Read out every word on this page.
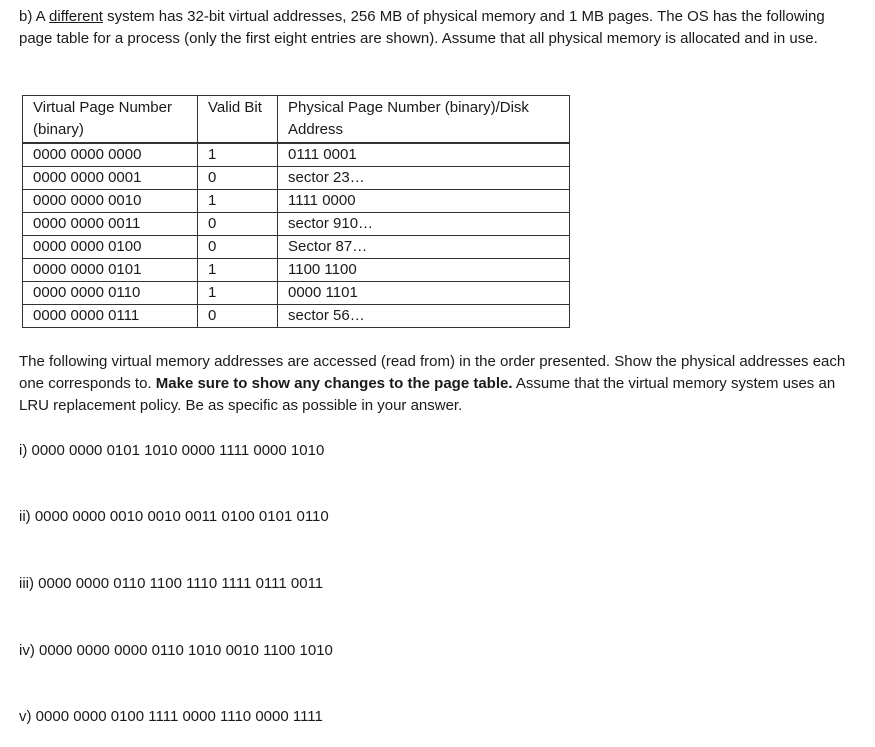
b) A different system has 32-bit virtual addresses, 256 MB of physical memory and 1 MB pages. The OS has the following page table for a process (only the first eight entries are shown). Assume that all physical memory is allocated and in use.

Virtual Page Number (binary)	Valid Bit	Physical Page Number (binary)/Disk Address
0000 0000 0000	1	0111 0001
0000 0000 0001	0	sector 23…
0000 0000 0010	1	1111 0000
0000 0000 0011	0	sector 910…
0000 0000 0100	0	Sector 87…
0000 0000 0101	1	1100 1100
0000 0000 0110	1	0000 1101
0000 0000 0111	0	sector 56…

The following virtual memory addresses are accessed (read from) in the order presented. Show the physical addresses each one corresponds to. Make sure to show any changes to the page table. Assume that the virtual memory system uses an LRU replacement policy. Be as specific as possible in your answer.

i) 0000 0000 0101 1010 0000 1111 0000 1010

ii) 0000 0000 0010 0010 0011 0100 0101 0110

iii) 0000 0000 0110 1100 1110 1111 0111 0011

iv) 0000 0000 0000 0110 1010 0010 1100 1010

v) 0000 0000 0100 1111 0000 1110 0000 1111
